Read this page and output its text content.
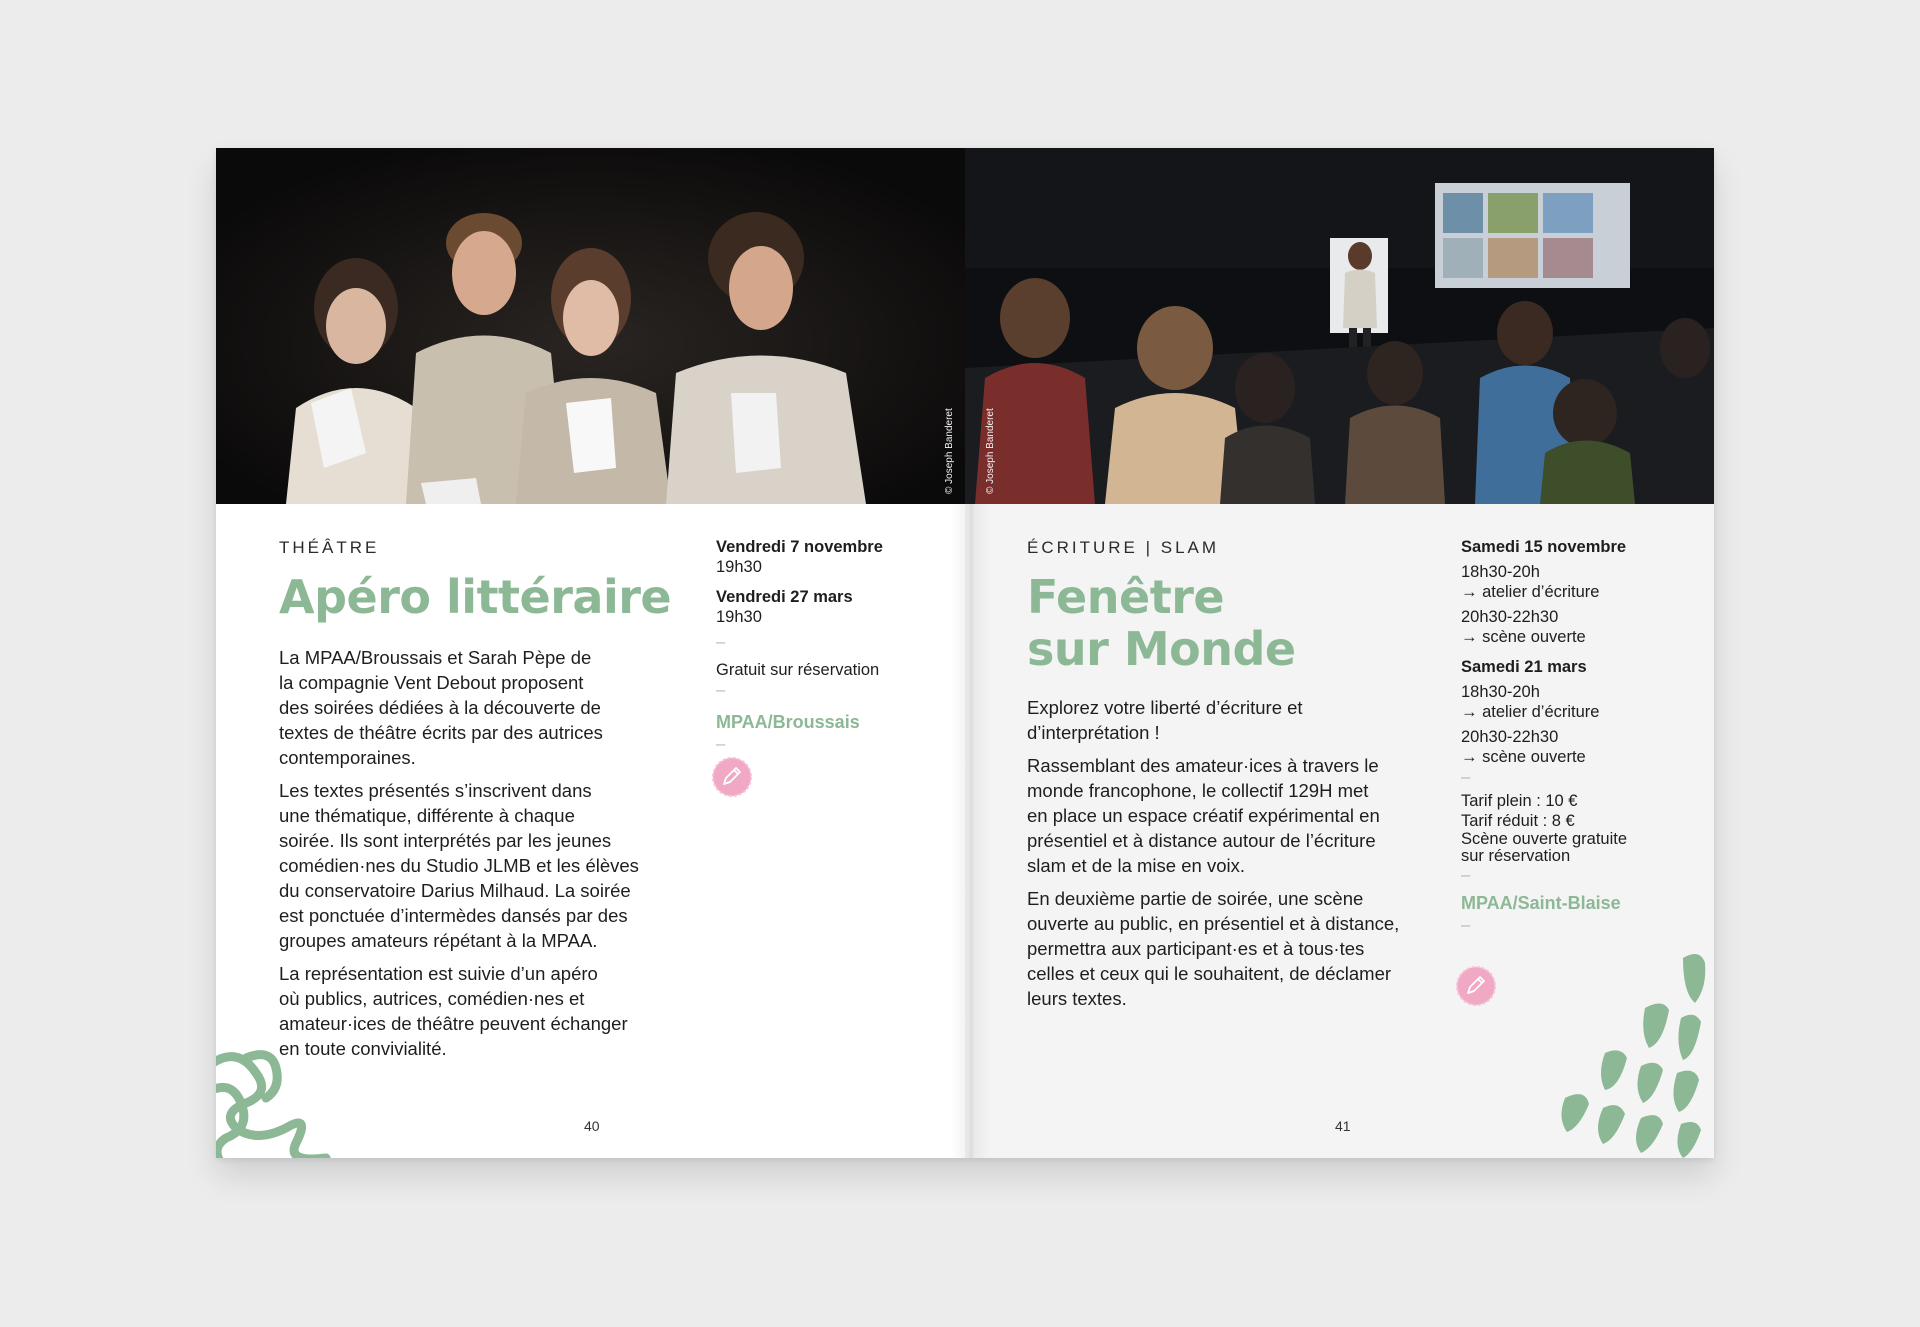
© Joseph Banderet
THÉÂTRE
Apéro littéraire

La MPAA/Broussais et Sarah Pèpe de
la compagnie Vent Debout proposent
des soirées dédiées à la découverte de
textes de théâtre écrits par des autrices
contemporaines.

Les textes présentés s’inscrivent dans
une thématique, différente à chaque
soirée. Ils sont interprétés par les jeunes
comédien·nes du Studio JLMB et les élèves
du conservatoire Darius Milhaud. La soirée
est ponctuée d’intermèdes dansés par des
groupes amateurs répétant à la MPAA.

La représentation est suivie d’un apéro
où publics, autrices, comédien·nes et
amateur·ices de théâtre peuvent échanger
en toute convivialité.

Vendredi 7 novembre
19h30
Vendredi 27 mars
19h30
–
Gratuit sur réservation
–
MPAA/Broussais
–
40
© Joseph Banderet
ÉCRITURE | SLAM
Fenêtre
sur Monde

Explorez votre liberté d’écriture et
d’interprétation !

Rassemblant des amateur·ices à travers le
monde francophone, le collectif 129H met
en place un espace créatif expérimental en
présentiel et à distance autour de l’écriture
slam et de la mise en voix.

En deuxième partie de soirée, une scène
ouverte au public, en présentiel et à distance,
permettra aux participant·es et à tous·tes
celles et ceux qui le souhaitent, de déclamer
leurs textes.

Samedi 15 novembre
18h30-20h
→ atelier d’écriture
20h30-22h30
→ scène ouverte
Samedi 21 mars
18h30-20h
→ atelier d’écriture
20h30-22h30
→ scène ouverte
–
Tarif plein : 10 €
Tarif réduit : 8 €
Scène ouverte gratuite
sur réservation
–
MPAA/Saint-Blaise
–
41
